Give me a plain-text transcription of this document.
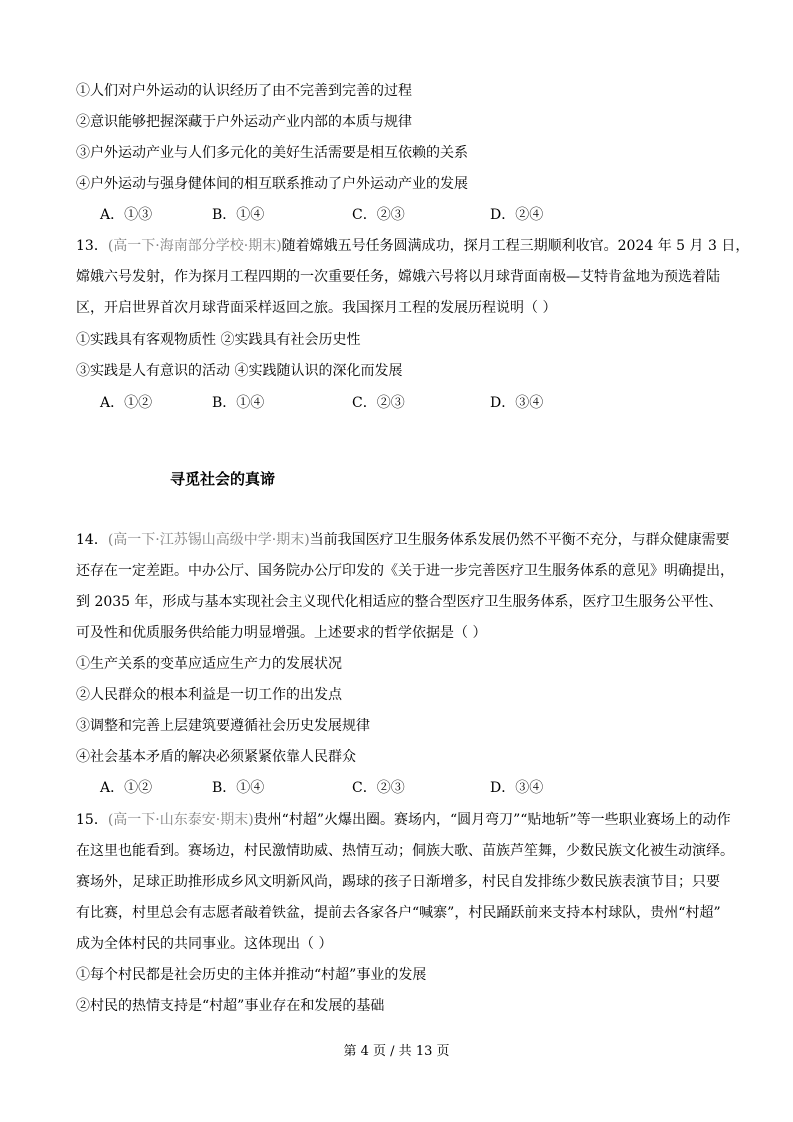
①人们对户外运动的认识经历了由不完善到完善的过程
②意识能够把握深藏于户外运动产业内部的本质与规律
③户外运动产业与人们多元化的美好生活需要是相互依赖的关系
④户外运动与强身健体间的相互联系推动了户外运动产业的发展
A．①③	B．①④	C．②③	D．②④
13．(高一下·海南部分学校·期末)随着嫦娥五号任务圆满成功，探月工程三期顺利收官。2024 年 5 月 3 日，
嫦娥六号发射，作为探月工程四期的一次重要任务，嫦娥六号将以月球背面南极—艾特肯盆地为预选着陆
区，开启世界首次月球背面采样返回之旅。我国探月工程的发展历程说明（ ）
①实践具有客观物质性 ②实践具有社会历史性
③实践是人有意识的活动 ④实践随认识的深化而发展
A．①②	B．①④	C．②③	D．③④
寻觅社会的真谛
14．(高一下·江苏锡山高级中学·期末)当前我国医疗卫生服务体系发展仍然不平衡不充分，与群众健康需要
还存在一定差距。中办公厅、国务院办公厅印发的《关于进一步完善医疗卫生服务体系的意见》明确提出，
到 2035 年，形成与基本实现社会主义现代化相适应的整合型医疗卫生服务体系，医疗卫生服务公平性、
可及性和优质服务供给能力明显增强。上述要求的哲学依据是（ ）
①生产关系的变革应适应生产力的发展状况
②人民群众的根本利益是一切工作的出发点
③调整和完善上层建筑要遵循社会历史发展规律
④社会基本矛盾的解决必须紧紧依靠人民群众
A．①②	B．①④	C．②③	D．③④
15．(高一下·山东泰安·期末)贵州“村超”火爆出圈。赛场内，“圆月弯刀”“贴地斩”等一些职业赛场上的动作
在这里也能看到。赛场边，村民激情助威、热情互动；侗族大歌、苗族芦笙舞，少数民族文化被生动演绎。
赛场外，足球正助推形成乡风文明新风尚，踢球的孩子日渐增多，村民自发排练少数民族表演节目；只要
有比赛，村里总会有志愿者敲着铁盆，提前去各家各户“喊寨”，村民踊跃前来支持本村球队，贵州“村超”
成为全体村民的共同事业。这体现出（ ）
①每个村民都是社会历史的主体并推动“村超”事业的发展
②村民的热情支持是“村超”事业存在和发展的基础
第 4 页 / 共 13 页
